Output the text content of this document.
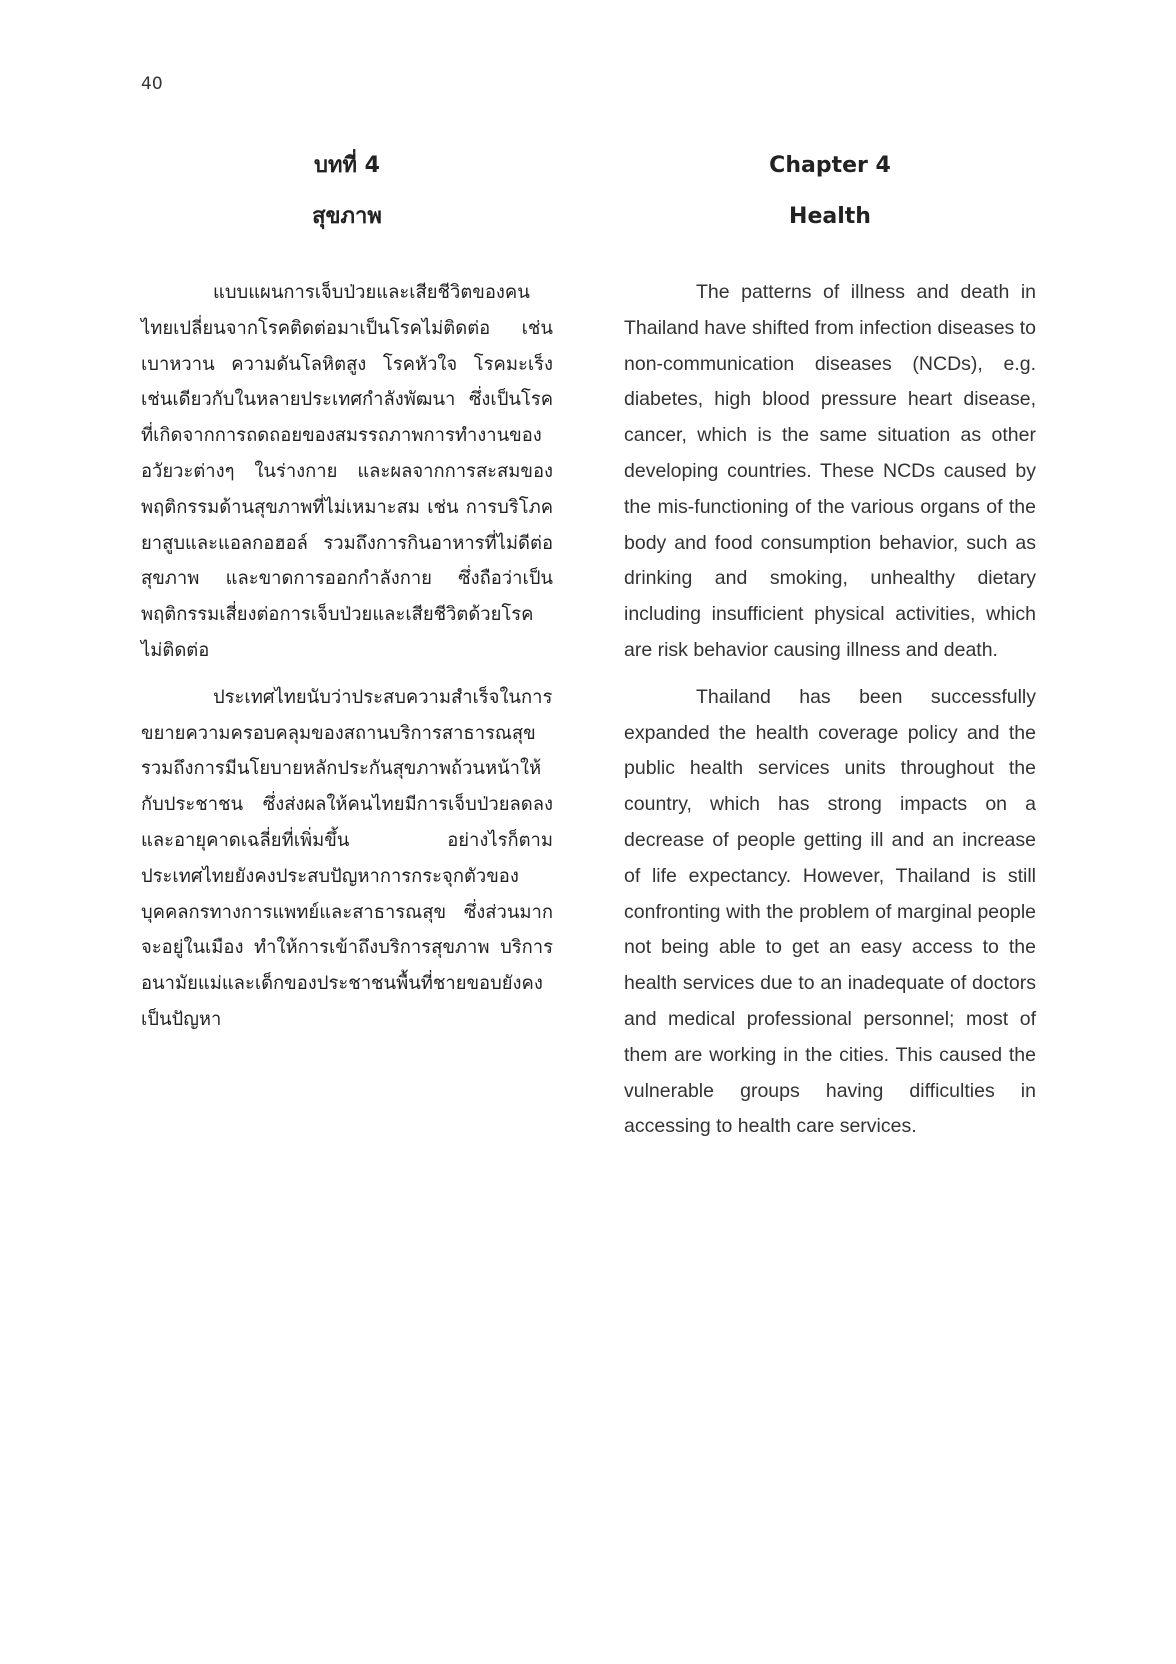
40

บทที่ 4
สุขภาพ

แบบแผนการเจ็บป่วยและเสียชีวิตของคนไทยเปลี่ยนจากโรคติดต่อมาเป็นโรคไม่ติดต่อ เช่น เบาหวาน ความดันโลหิตสูง โรคหัวใจ โรคมะเร็ง เช่นเดียวกับในหลายประเทศกำลังพัฒนา ซึ่งเป็นโรคที่เกิดจากการถดถอยของสมรรถภาพการทำงานของอวัยวะต่างๆ ในร่างกาย และผลจากการสะสมของพฤติกรรมด้านสุขภาพที่ไม่เหมาะสม เช่น การบริโภคยาสูบและแอลกอฮอล์ รวมถึงการกินอาหารที่ไม่ดีต่อสุขภาพ และขาดการออกกำลังกาย ซึ่งถือว่าเป็นพฤติกรรมเสี่ยงต่อการเจ็บป่วยและเสียชีวิตด้วยโรคไม่ติดต่อ

ประเทศไทยนับว่าประสบความสำเร็จในการขยายความครอบคลุมของสถานบริการสาธารณสุข รวมถึงการมีนโยบายหลักประกันสุขภาพถ้วนหน้าให้กับประชาชน ซึ่งส่งผลให้คนไทยมีการเจ็บป่วยลดลง และอายุคาดเฉลี่ยที่เพิ่มขึ้น อย่างไรก็ตามประเทศไทยยังคงประสบปัญหาการกระจุกตัวของบุคคลกรทางการแพทย์และสาธารณสุข ซึ่งส่วนมากจะอยู่ในเมือง ทำให้การเข้าถึงบริการสุขภาพ บริการอนามัยแม่และเด็กของประชาชนพื้นที่ชายขอบยังคงเป็นปัญหา

Chapter 4
Health

The patterns of illness and death in Thailand have shifted from infection diseases to non-communication diseases (NCDs), e.g. diabetes, high blood pressure heart disease, cancer, which is the same situation as other developing countries. These NCDs caused by the mis-functioning of the various organs of the body and food consumption behavior, such as drinking and smoking, unhealthy dietary including insufficient physical activities, which are risk behavior causing illness and death.

Thailand has been successfully expanded the health coverage policy and the public health services units throughout the country, which has strong impacts on a decrease of people getting ill and an increase of life expectancy. However, Thailand is still confronting with the problem of marginal people not being able to get an easy access to the health services due to an inadequate of doctors and medical professional personnel; most of them are working in the cities. This caused the vulnerable groups having difficulties in accessing to health care services.
